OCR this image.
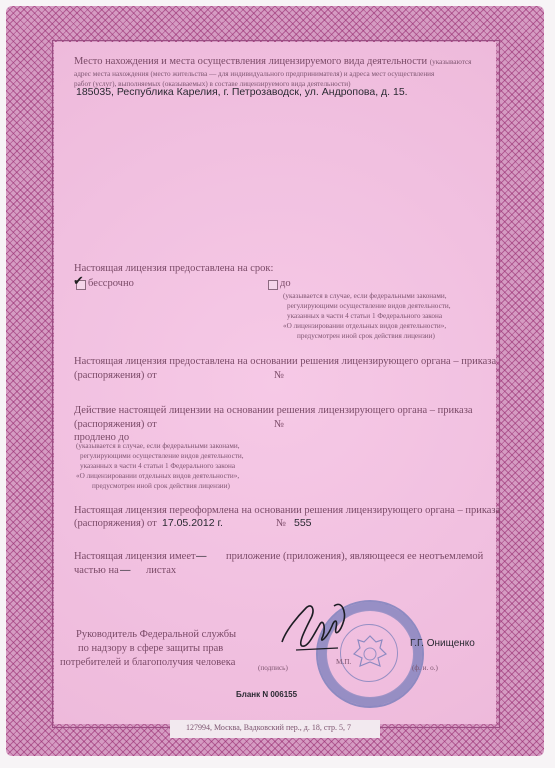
Место нахождения и места осуществления лицензируемого вида деятельности (указываются
адрес места нахождения (место жительства — для индивидуального предпринимателя) и адреса мест осуществления
работ (услуг), выполняемых (оказываемых) в составе лицензируемого вида деятельности)
185035, Республика Карелия, г. Петрозаводск, ул. Андропова, д. 15.
Настоящая лицензия предоставлена на срок:
✔ бессрочно	до
(указывается в случае, если федеральными законами,
регулирующими осуществление видов деятельности,
указанных в части 4 статьи 1 Федерального закона
«О лицензировании отдельных видов деятельности»,
предусмотрен иной срок действия лицензии)
Настоящая лицензия предоставлена на основании решения лицензирующего органа – приказа
(распоряжения) от	№
Действие настоящей лицензии на основании решения лицензирующего органа – приказа
(распоряжения) от	№
продлено до
(указывается в случае, если федеральными законами,
регулирующими осуществление видов деятельности,
указанных в части 4 статьи 1 Федерального закона
«О лицензировании отдельных видов деятельности»,
предусмотрен иной срок действия лицензии)
Настоящая лицензия переоформлена на основании решения лицензирующего органа – приказа
(распоряжения) от 17.05.2012 г.	№ 555
Настоящая лицензия имеет — приложение (приложения), являющееся ее неотъемлемой
частью на — листах
Руководитель Федеральной службы
по надзору в сфере защиты прав
потребителей и благополучия человека
Г.Г. Онищенко
(подпись)
М.П.
(ф. и. о.)
Бланк N 006155
127994, Москва, Вадковский пер., д. 18, стр. 5, 7
